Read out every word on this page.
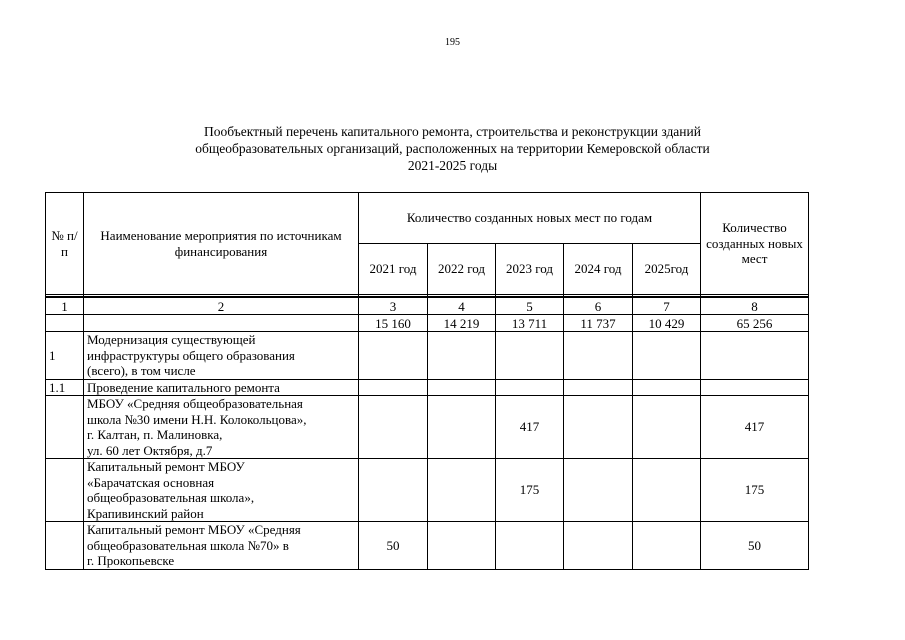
195
Пообъектный перечень капитального ремонта, строительства и реконструкции зданий
общеобразовательных организаций, расположенных на территории Кемеровской области
2021-2025 годы
№ п/п	Наименование мероприятия по источникам финансирования	Количество созданных новых мест по годам					Количество созданных новых мест
		2021 год	2022 год	2023 год	2024 год	2025год	

1	2	3	4	5	6	7	8
		15 160	14 219	13 711	11 737	10 429	65 256
1	Модернизация существующей
инфраструктуры общего образования
(всего), в том числе						

1.1	Проведение капитального ремонта						

	МБОУ «Средняя общеобразовательная
школа №30 имени Н.Н. Колокольцова»,
г. Калтан, п. Малиновка,
ул. 60 лет Октября, д.7			417			417

	Капитальный ремонт МБОУ
«Барачатская основная
общеобразовательная школа»,
Крапивинский район			175			175

	Капитальный ремонт МБОУ «Средняя
общеобразовательная школа №70» в
г. Прокопьевске	50					50
